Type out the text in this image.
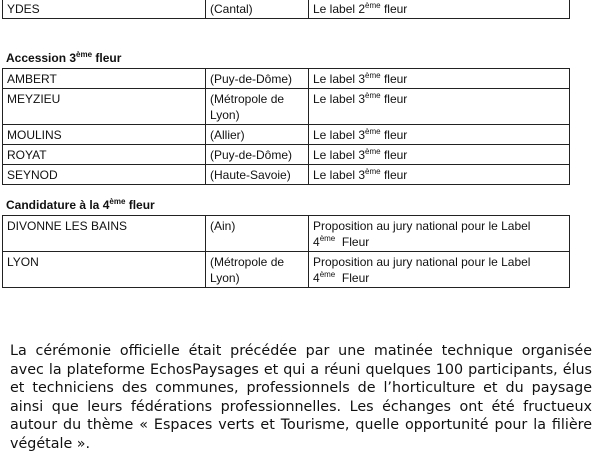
YDES	(Cantal)	Le label 2ème fleur
Accession 3ème fleur
AMBERT	(Puy-de-Dôme)	Le label 3ème fleur
MEYZIEU	(Métropole de Lyon)	Le label 3ème fleur
MOULINS	(Allier)	Le label 3ème fleur
ROYAT	(Puy-de-Dôme)	Le label 3ème fleur
SEYNOD	(Haute-Savoie)	Le label 3ème fleur
Candidature à la 4ème fleur
DIVONNE LES BAINS	(Ain)	Proposition au jury national pour le Label
4ème  Fleur

LYON	(Métropole de Lyon)	Proposition au jury national pour le Label
4ème  Fleur

La cérémonie officielle était précédée par une matinée technique organisée avec la plateforme EchosPaysages et qui a réuni quelques 100 participants, élus et techniciens des communes, professionnels de l’horticulture et du paysage ainsi que leurs fédérations professionnelles. Les échanges ont été fructueux autour du thème « Espaces verts et Tourisme, quelle opportunité pour la filière végétale ».
